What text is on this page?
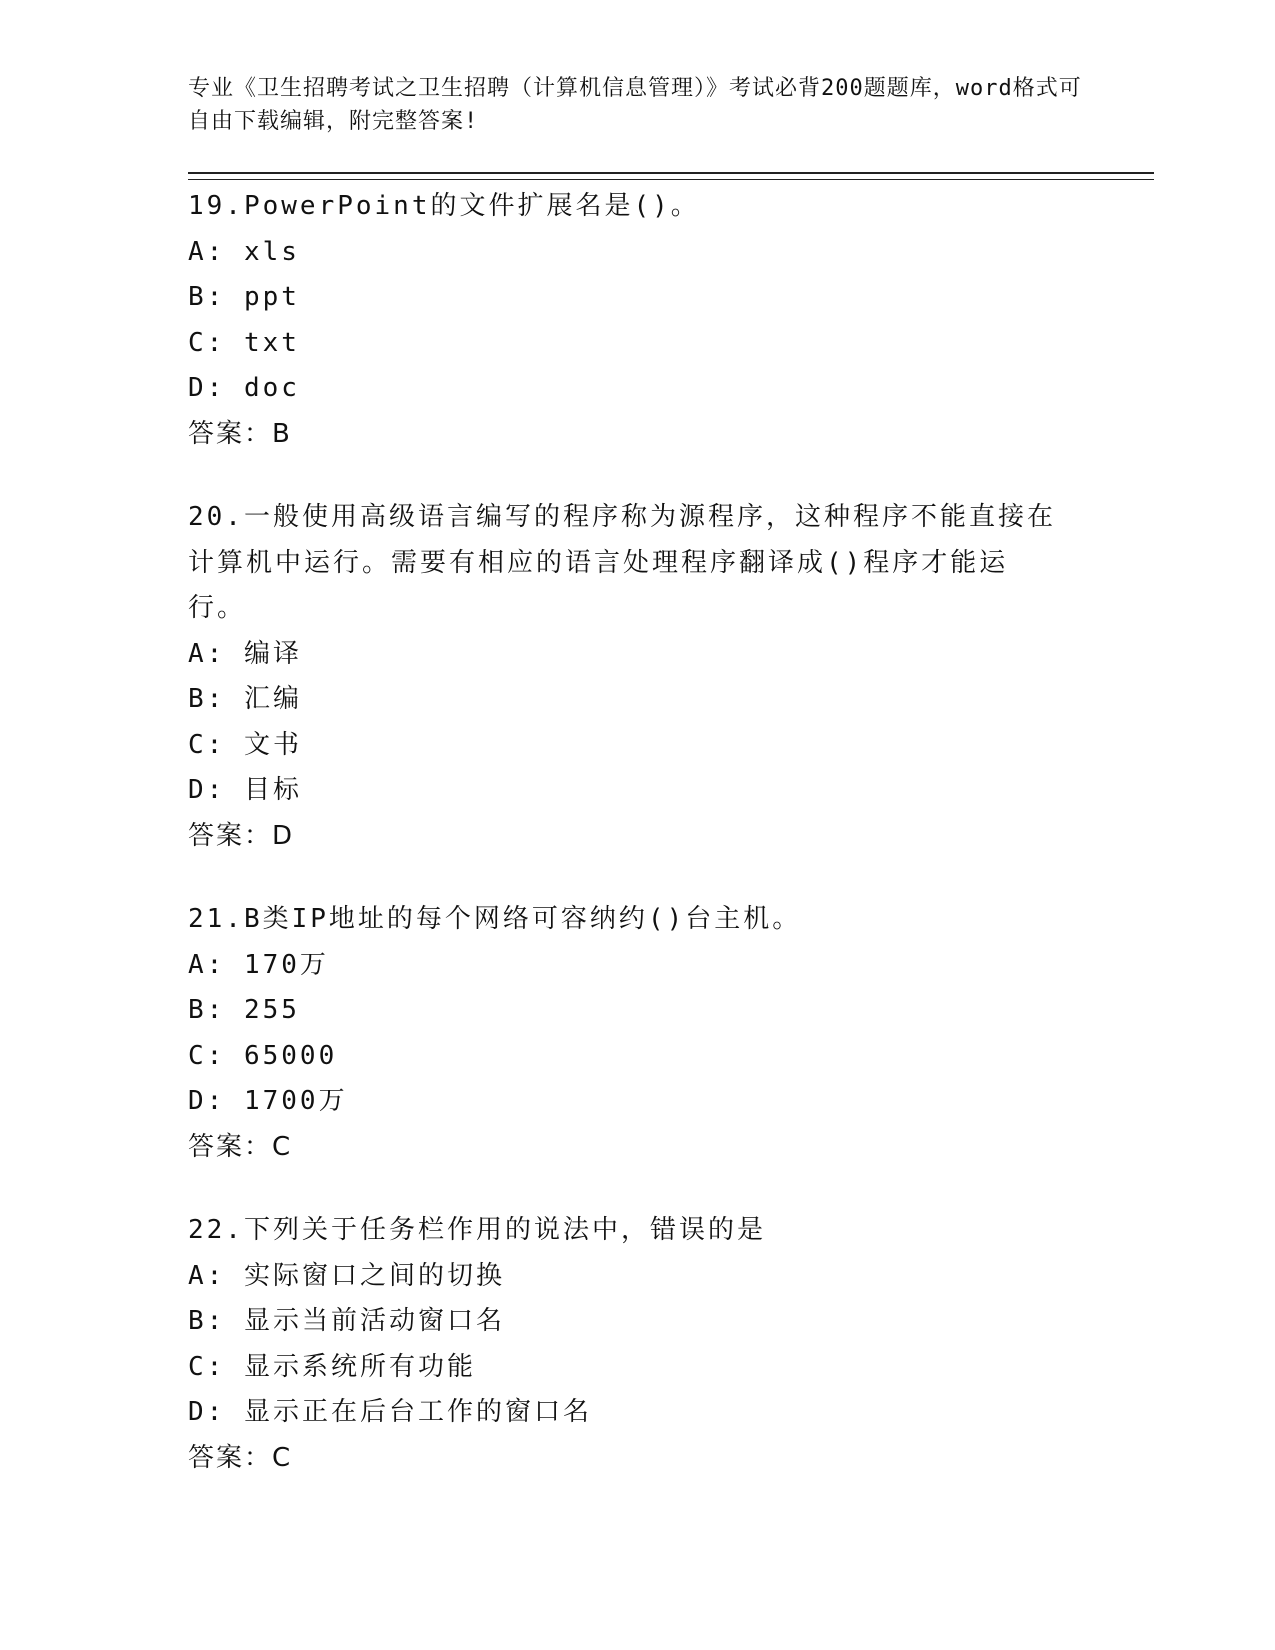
专业《卫生招聘考试之卫生招聘（计算机信息管理）》考试必背200题题库，word格式可自由下载编辑，附完整答案!
19.PowerPoint的文件扩展名是()。
A: xls
B: ppt
C: txt
D: doc
答案：B
20.一般使用高级语言编写的程序称为源程序，这种程序不能直接在计算机中运行。需要有相应的语言处理程序翻译成()程序才能运行。
A: 编译
B: 汇编
C: 文书
D: 目标
答案：D
21.B类IP地址的每个网络可容纳约()台主机。
A: 170万
B: 255
C: 65000
D: 1700万
答案：C
22.下列关于任务栏作用的说法中，错误的是
A: 实际窗口之间的切换
B: 显示当前活动窗口名
C: 显示系统所有功能
D: 显示正在后台工作的窗口名
答案：C
